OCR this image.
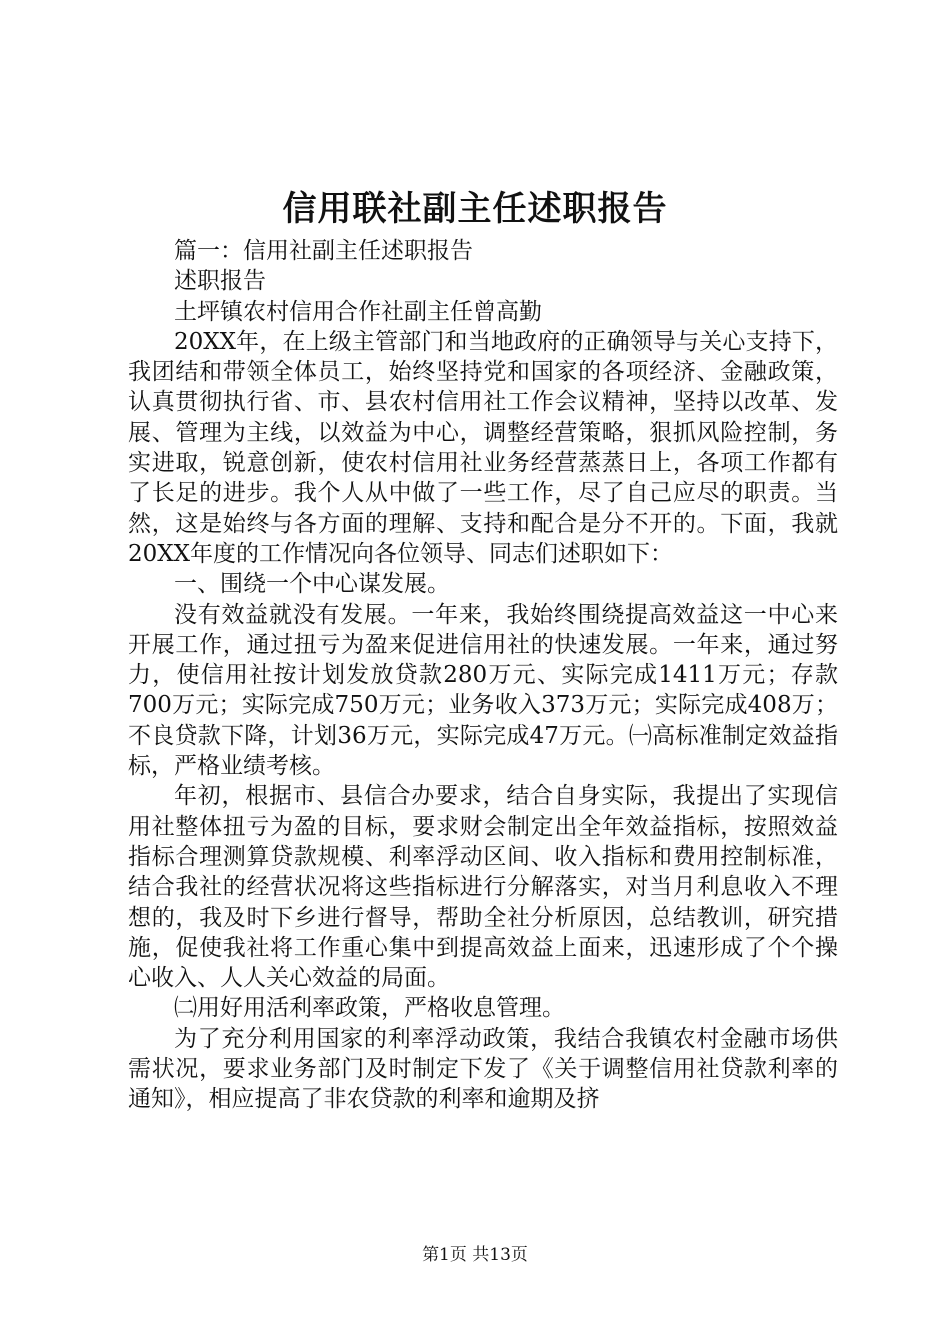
信用联社副主任述职报告

篇一：信用社副主任述职报告

述职报告

土坪镇农村信用合作社副主任曾高勤

20XX年，在上级主管部门和当地政府的正确领导与关心支持下，我团结和带领全体员工，始终坚持党和国家的各项经济、金融政策，认真贯彻执行省、市、县农村信用社工作会议精神，坚持以改革、发展、管理为主线，以效益为中心，调整经营策略，狠抓风险控制，务实进取，锐意创新，使农村信用社业务经营蒸蒸日上，各项工作都有了长足的进步。我个人从中做了一些工作，尽了自己应尽的职责。当然，这是始终与各方面的理解、支持和配合是分不开的。下面，我就20XX年度的工作情况向各位领导、同志们述职如下：

一、围绕一个中心谋发展。

没有效益就没有发展。一年来，我始终围绕提高效益这一中心来开展工作，通过扭亏为盈来促进信用社的快速发展。一年来，通过努力，使信用社按计划发放贷款280万元、实际完成1411万元；存款700万元；实际完成750万元；业务收入373万元；实际完成408万；不良贷款下降，计划36万元，实际完成47万元。㈠高标准制定效益指标，严格业绩考核。

年初，根据市、县信合办要求，结合自身实际，我提出了实现信用社整体扭亏为盈的目标，要求财会制定出全年效益指标，按照效益指标合理测算贷款规模、利率浮动区间、收入指标和费用控制标准，结合我社的经营状况将这些指标进行分解落实，对当月利息收入不理想的，我及时下乡进行督导，帮助全社分析原因，总结教训，研究措施，促使我社将工作重心集中到提高效益上面来，迅速形成了个个操心收入、人人关心效益的局面。

㈡用好用活利率政策，严格收息管理。

为了充分利用国家的利率浮动政策，我结合我镇农村金融市场供需状况，要求业务部门及时制定下发了《关于调整信用社贷款利率的通知》，相应提高了非农贷款的利率和逾期及挤

第1页 共13页
